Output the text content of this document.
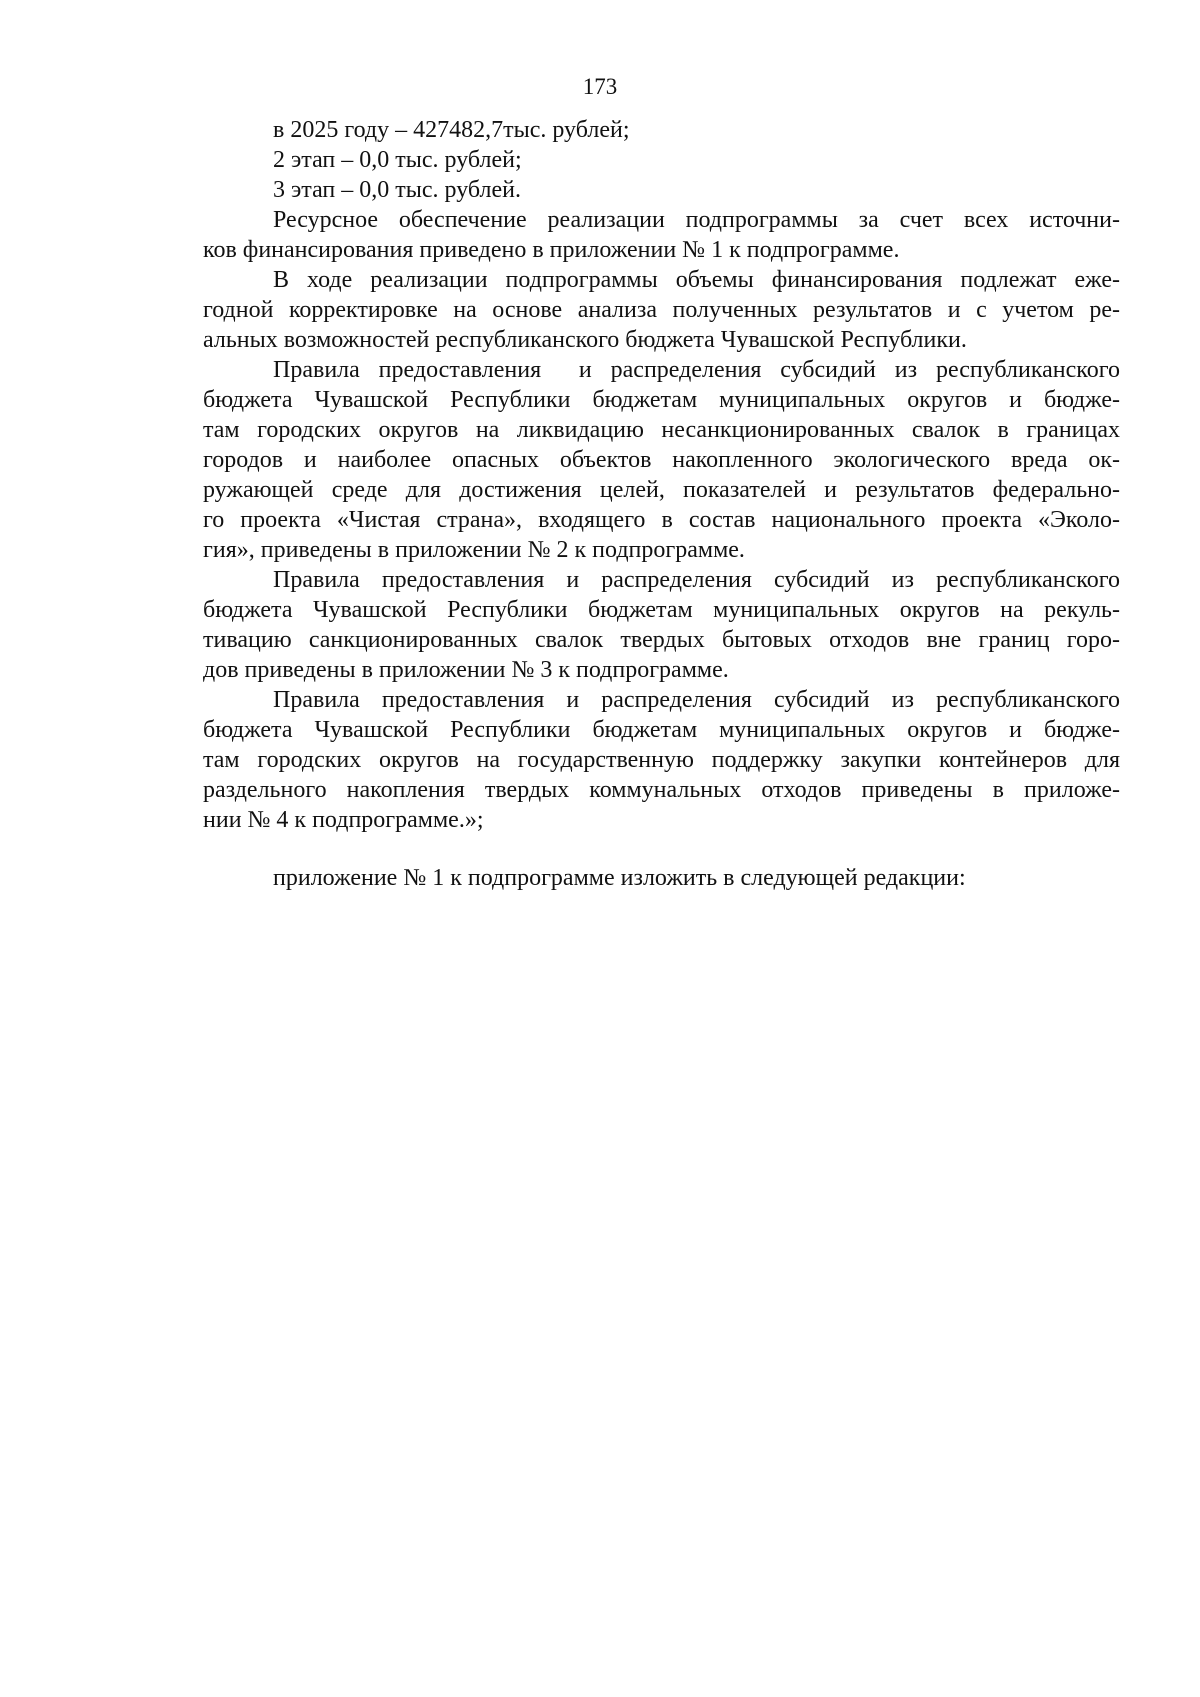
173
в 2025 году – 427482,7тыс. рублей;
2 этап – 0,0 тыс. рублей;
3 этап – 0,0 тыс. рублей.
Ресурсное обеспечение реализации подпрограммы за счет всех источни-
ков финансирования приведено в приложении № 1 к подпрограмме.
В ходе реализации подпрограммы объемы финансирования подлежат еже-
годной корректировке на основе анализа полученных результатов и с учетом ре-
альных возможностей республиканского бюджета Чувашской Республики.
Правила предоставления  и распределения субсидий из республиканского
бюджета Чувашской Республики бюджетам муниципальных округов и бюдже-
там городских округов на ликвидацию несанкционированных свалок в границах
городов и наиболее опасных объектов накопленного экологического вреда ок-
ружающей среде для достижения целей, показателей и результатов федерально-
го проекта «Чистая страна», входящего в состав национального проекта «Эколо-
гия», приведены в приложении № 2 к подпрограмме.
Правила предоставления и распределения субсидий из республиканского
бюджета Чувашской Республики бюджетам муниципальных округов на рекуль-
тивацию санкционированных свалок твердых бытовых отходов вне границ горо-
дов приведены в приложении № 3 к подпрограмме.
Правила предоставления и распределения субсидий из республиканского
бюджета Чувашской Республики бюджетам муниципальных округов и бюдже-
там городских округов на государственную поддержку закупки контейнеров для
раздельного накопления твердых коммунальных отходов приведены в приложе-
нии № 4 к подпрограмме.»;
приложение № 1 к подпрограмме изложить в следующей редакции:
